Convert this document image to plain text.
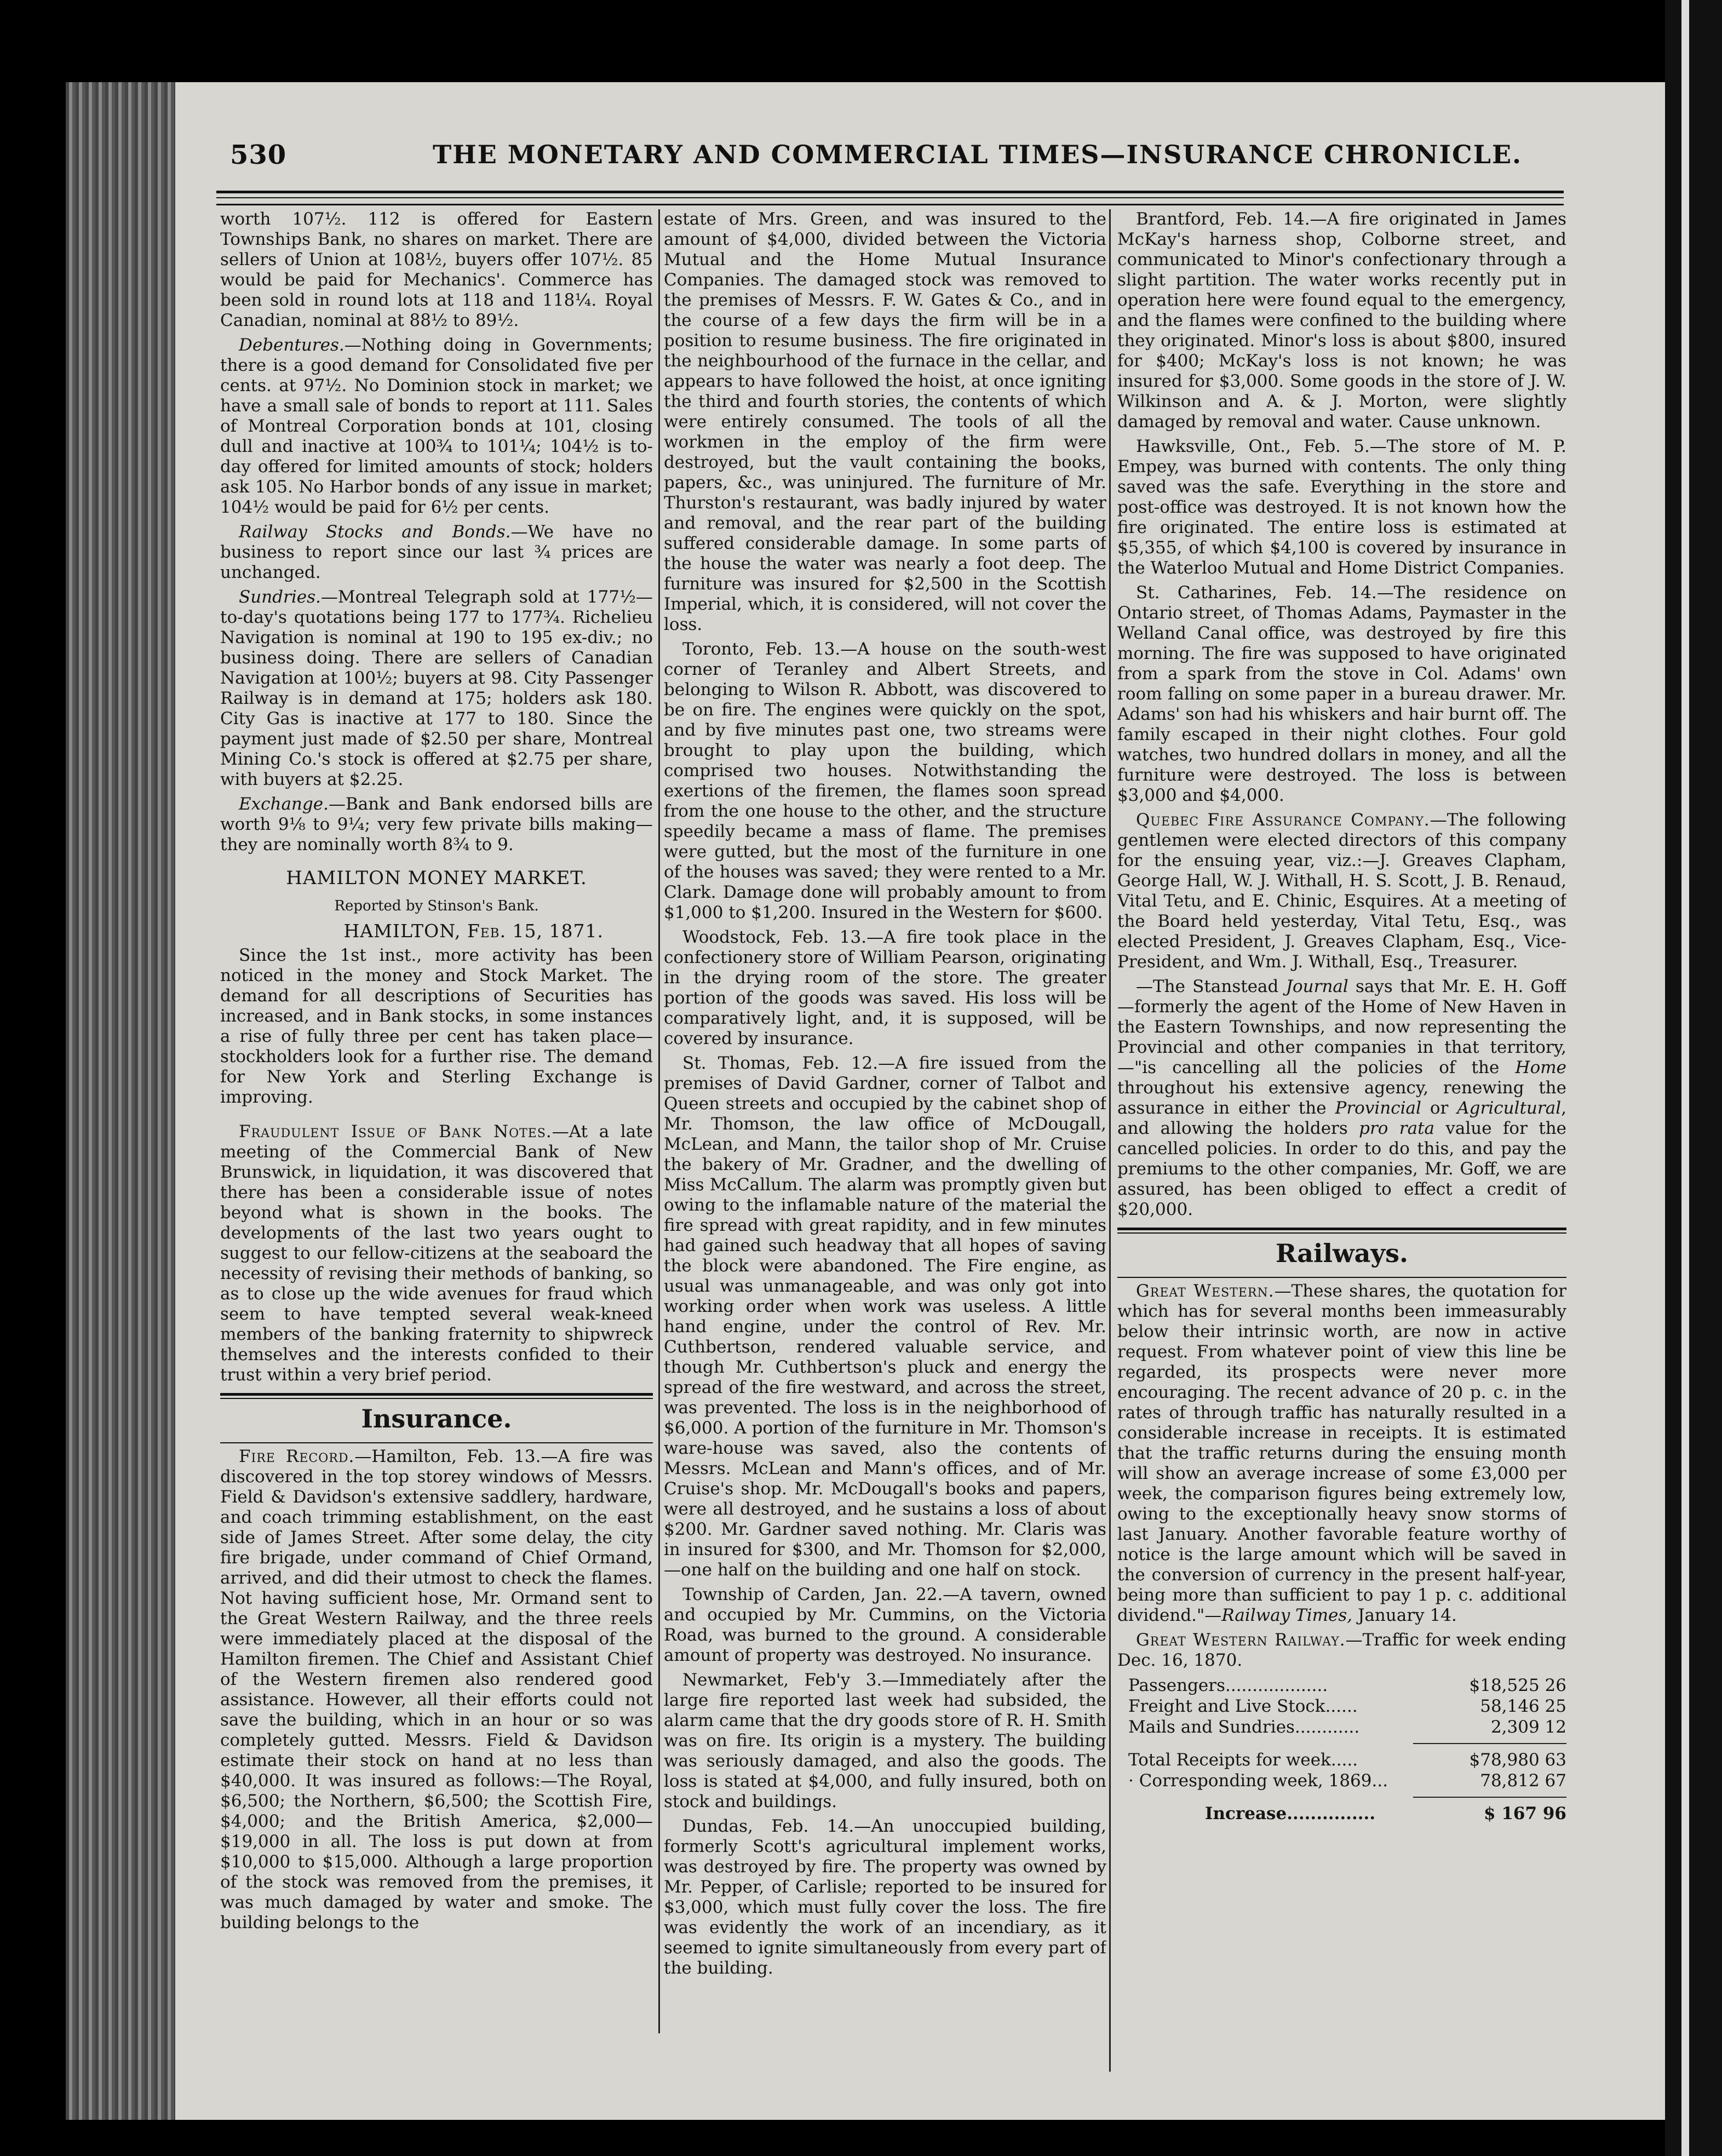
530	THE MONETARY AND COMMERCIAL TIMES—INSURANCE CHRONICLE.

worth 107½. 112 is offered for Eastern Townships Bank, no shares on market. There are sellers of Union at 108½, buyers offer 107½. 85 would be paid for Mechanics'. Commerce has been sold in round lots at 118 and 118¼. Royal Canadian, nominal at 88½ to 89½.

Debentures.—Nothing doing in Governments; there is a good demand for Consolidated five per cents. at 97½. No Dominion stock in market; we have a small sale of bonds to report at 111. Sales of Montreal Corporation bonds at 101, closing dull and inactive at 100¾ to 101¼; 104½ is to-day offered for limited amounts of stock; holders ask 105. No Harbor bonds of any issue in market; 104½ would be paid for 6½ per cents.

Railway Stocks and Bonds.—We have no business to report since our last ¾ prices are unchanged.

Sundries.—Montreal Telegraph sold at 177½—to-day's quotations being 177 to 177¾. Richelieu Navigation is nominal at 190 to 195 ex-div.; no business doing. There are sellers of Canadian Navigation at 100½; buyers at 98. City Passenger Railway is in demand at 175; holders ask 180. City Gas is inactive at 177 to 180. Since the payment just made of $2.50 per share, Montreal Mining Co.'s stock is offered at $2.75 per share, with buyers at $2.25.

Exchange.—Bank and Bank endorsed bills are worth 9⅛ to 9¼; very few private bills making—they are nominally worth 8¾ to 9.

HAMILTON MONEY MARKET.

Reported by Stinson's Bank.

HAMILTON, Feb. 15, 1871.

Since the 1st inst., more activity has been noticed in the money and Stock Market. The demand for all descriptions of Securities has increased, and in Bank stocks, in some instances a rise of fully three per cent has taken place—stockholders look for a further rise. The demand for New York and Sterling Exchange is improving.

Fraudulent Issue of Bank Notes.—At a late meeting of the Commercial Bank of New Brunswick, in liquidation, it was discovered that there has been a considerable issue of notes beyond what is shown in the books. The developments of the last two years ought to suggest to our fellow-citizens at the seaboard the necessity of revising their methods of banking, so as to close up the wide avenues for fraud which seem to have tempted several weak-kneed members of the banking fraternity to shipwreck themselves and the interests confided to their trust within a very brief period.

Insurance.

Fire Record.—Hamilton, Feb. 13.—A fire was discovered in the top storey windows of Messrs. Field & Davidson's extensive saddlery, hardware, and coach trimming establishment, on the east side of James Street. After some delay, the city fire brigade, under command of Chief Ormand, arrived, and did their utmost to check the flames. Not having sufficient hose, Mr. Ormand sent to the Great Western Railway, and the three reels were immediately placed at the disposal of the Hamilton firemen. The Chief and Assistant Chief of the Western firemen also rendered good assistance. However, all their efforts could not save the building, which in an hour or so was completely gutted. Messrs. Field & Davidson estimate their stock on hand at no less than $40,000. It was insured as follows:—The Royal, $6,500; the Northern, $6,500; the Scottish Fire, $4,000; and the British America, $2,000—$19,000 in all. The loss is put down at from $10,000 to $15,000. Although a large proportion of the stock was removed from the premises, it was much damaged by water and smoke. The building belongs to the

estate of Mrs. Green, and was insured to the amount of $4,000, divided between the Victoria Mutual and the Home Mutual Insurance Companies. The damaged stock was removed to the premises of Messrs. F. W. Gates & Co., and in the course of a few days the firm will be in a position to resume business. The fire originated in the neighbourhood of the furnace in the cellar, and appears to have followed the hoist, at once igniting the third and fourth stories, the contents of which were entirely consumed. The tools of all the workmen in the employ of the firm were destroyed, but the vault containing the books, papers, &c., was uninjured. The furniture of Mr. Thurston's restaurant, was badly injured by water and removal, and the rear part of the building suffered considerable damage. In some parts of the house the water was nearly a foot deep. The furniture was insured for $2,500 in the Scottish Imperial, which, it is considered, will not cover the loss.

Toronto, Feb. 13.—A house on the south-west corner of Teranley and Albert Streets, and belonging to Wilson R. Abbott, was discovered to be on fire. The engines were quickly on the spot, and by five minutes past one, two streams were brought to play upon the building, which comprised two houses. Notwithstanding the exertions of the firemen, the flames soon spread from the one house to the other, and the structure speedily became a mass of flame. The premises were gutted, but the most of the furniture in one of the houses was saved; they were rented to a Mr. Clark. Damage done will probably amount to from $1,000 to $1,200. Insured in the Western for $600.

Woodstock, Feb. 13.—A fire took place in the confectionery store of William Pearson, originating in the drying room of the store. The greater portion of the goods was saved. His loss will be comparatively light, and, it is supposed, will be covered by insurance.

St. Thomas, Feb. 12.—A fire issued from the premises of David Gardner, corner of Talbot and Queen streets and occupied by the cabinet shop of Mr. Thomson, the law office of McDougall, McLean, and Mann, the tailor shop of Mr. Cruise the bakery of Mr. Gradner, and the dwelling of Miss McCallum. The alarm was promptly given but owing to the inflamable nature of the material the fire spread with great rapidity, and in few minutes had gained such headway that all hopes of saving the block were abandoned. The Fire engine, as usual was unmanageable, and was only got into working order when work was useless. A little hand engine, under the control of Rev. Mr. Cuthbertson, rendered valuable service, and though Mr. Cuthbertson's pluck and energy the spread of the fire westward, and across the street, was prevented. The loss is in the neighborhood of $6,000. A portion of the furniture in Mr. Thomson's ware-house was saved, also the contents of Messrs. McLean and Mann's offices, and of Mr. Cruise's shop. Mr. McDougall's books and papers, were all destroyed, and he sustains a loss of about $200. Mr. Gardner saved nothing. Mr. Claris was in insured for $300, and Mr. Thomson for $2,000,—one half on the building and one half on stock.

Township of Carden, Jan. 22.—A tavern, owned and occupied by Mr. Cummins, on the Victoria Road, was burned to the ground. A considerable amount of property was destroyed. No insurance.

Newmarket, Feb'y 3.—Immediately after the large fire reported last week had subsided, the alarm came that the dry goods store of R. H. Smith was on fire. Its origin is a mystery. The building was seriously damaged, and also the goods. The loss is stated at $4,000, and fully insured, both on stock and buildings.

Dundas, Feb. 14.—An unoccupied building, formerly Scott's agricultural implement works, was destroyed by fire. The property was owned by Mr. Pepper, of Carlisle; reported to be insured for $3,000, which must fully cover the loss. The fire was evidently the work of an incendiary, as it seemed to ignite simultaneously from every part of the building.

Brantford, Feb. 14.—A fire originated in James McKay's harness shop, Colborne street, and communicated to Minor's confectionary through a slight partition. The water works recently put in operation here were found equal to the emergency, and the flames were confined to the building where they originated. Minor's loss is about $800, insured for $400; McKay's loss is not known; he was insured for $3,000. Some goods in the store of J. W. Wilkinson and A. & J. Morton, were slightly damaged by removal and water. Cause unknown.

Hawksville, Ont., Feb. 5.—The store of M. P. Empey, was burned with contents. The only thing saved was the safe. Everything in the store and post-office was destroyed. It is not known how the fire originated. The entire loss is estimated at $5,355, of which $4,100 is covered by insurance in the Waterloo Mutual and Home District Companies.

St. Catharines, Feb. 14.—The residence on Ontario street, of Thomas Adams, Paymaster in the Welland Canal office, was destroyed by fire this morning. The fire was supposed to have originated from a spark from the stove in Col. Adams' own room falling on some paper in a bureau drawer. Mr. Adams' son had his whiskers and hair burnt off. The family escaped in their night clothes. Four gold watches, two hundred dollars in money, and all the furniture were destroyed. The loss is between $3,000 and $4,000.

Quebec Fire Assurance Company.—The following gentlemen were elected directors of this company for the ensuing year, viz.:—J. Greaves Clapham, George Hall, W. J. Withall, H. S. Scott, J. B. Renaud, Vital Tetu, and E. Chinic, Esquires. At a meeting of the Board held yesterday, Vital Tetu, Esq., was elected President, J. Greaves Clapham, Esq., Vice-President, and Wm. J. Withall, Esq., Treasurer.

—The Stanstead Journal says that Mr. E. H. Goff—formerly the agent of the Home of New Haven in the Eastern Townships, and now representing the Provincial and other companies in that territory,—"is cancelling all the policies of the Home throughout his extensive agency, renewing the assurance in either the Provincial or Agricultural, and allowing the holders pro rata value for the cancelled policies. In order to do this, and pay the premiums to the other companies, Mr. Goff, we are assured, has been obliged to effect a credit of $20,000.

Railways.

Great Western.—These shares, the quotation for which has for several months been immeasurably below their intrinsic worth, are now in active request. From whatever point of view this line be regarded, its prospects were never more encouraging. The recent advance of 20 p. c. in the rates of through traffic has naturally resulted in a considerable increase in receipts. It is estimated that the traffic returns during the ensuing month will show an average increase of some £3,000 per week, the comparison figures being extremely low, owing to the exceptionally heavy snow storms of last January. Another favorable feature worthy of notice is the large amount which will be saved in the conversion of currency in the present half-year, being more than sufficient to pay 1 p. c. additional dividend."—Railway Times, January 14.

Great Western Railway.—Traffic for week ending Dec. 16, 1870.

Passengers...................	$18,525 26
Freight and Live Stock......	58,146 25
Mails and Sundries............	2,309 12
Total Receipts for week.....	$78,980 63
· Corresponding week, 1869...	78,812 67
Increase...............	$ 167 96
